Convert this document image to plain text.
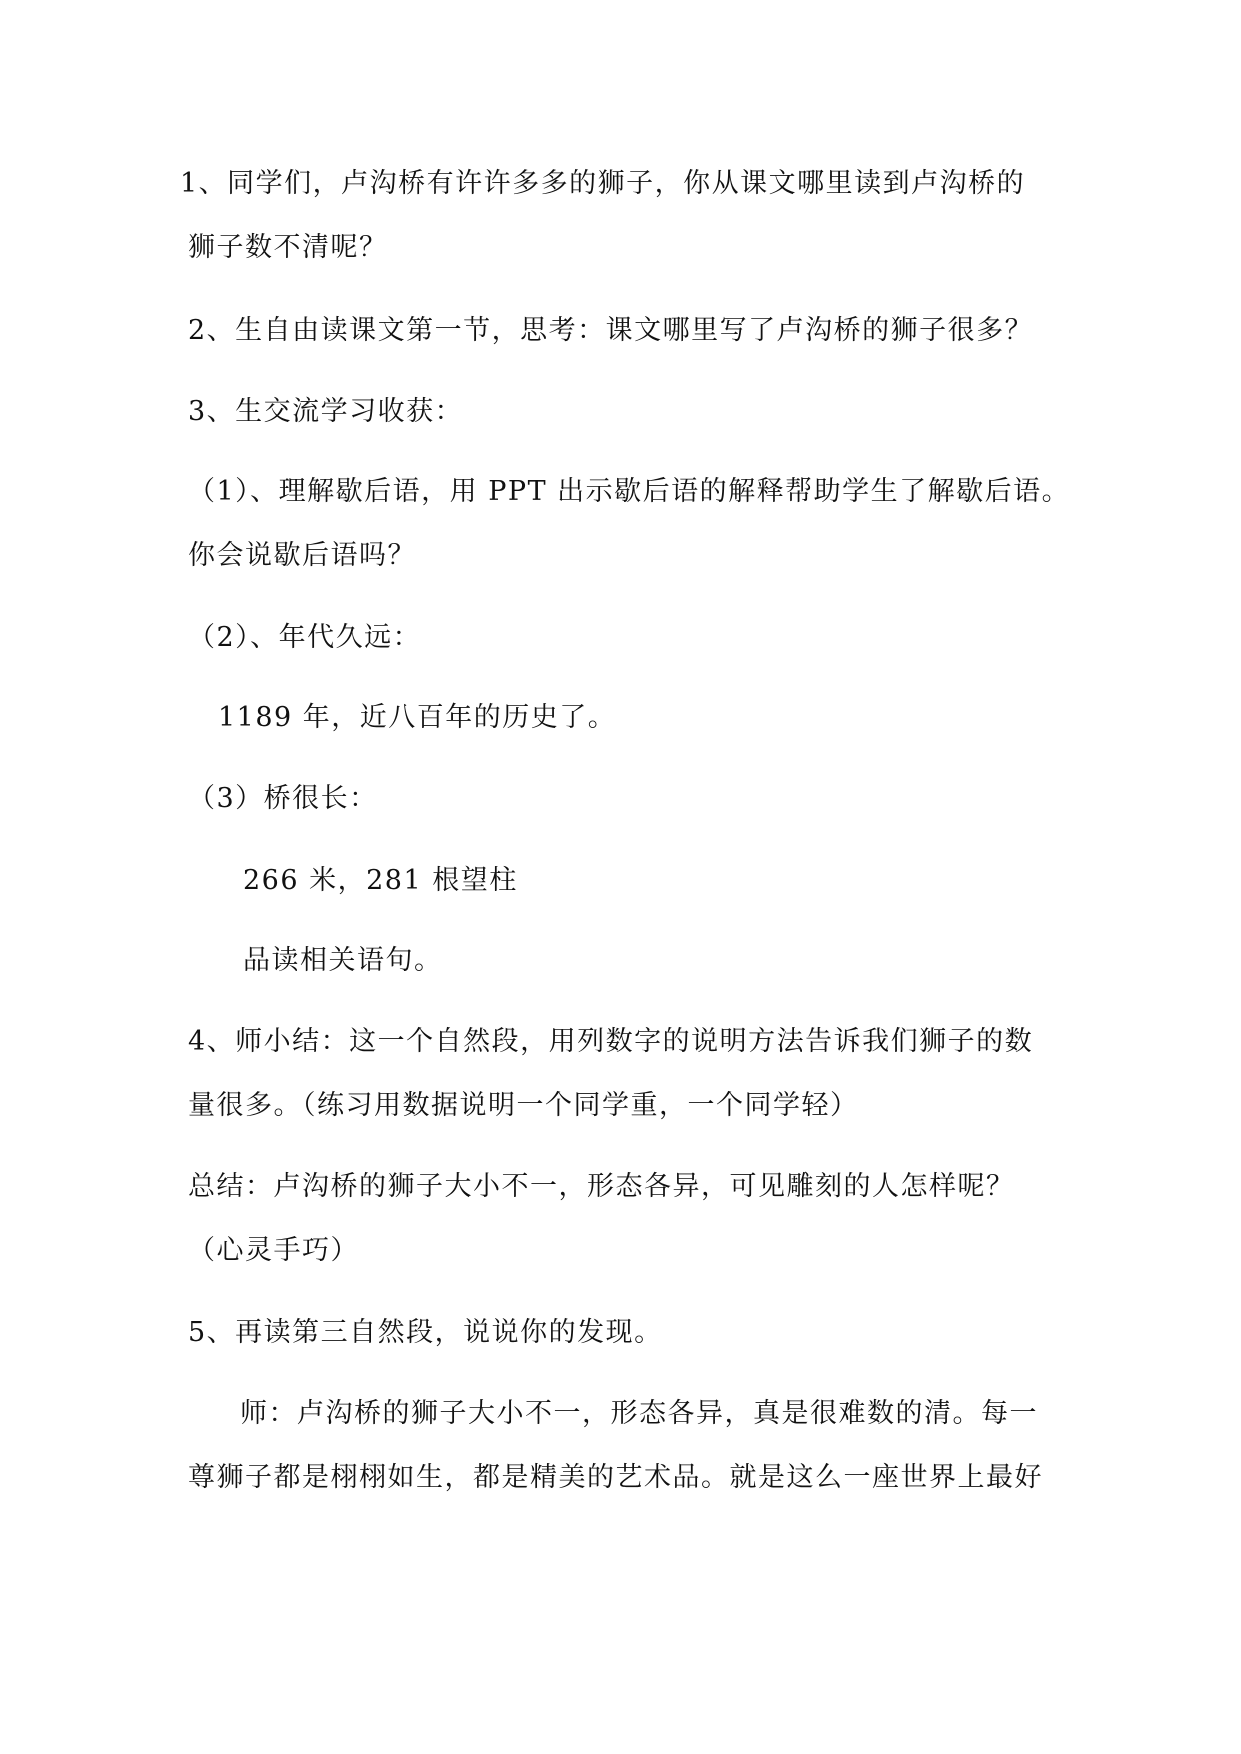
1、同学们，卢沟桥有许许多多的狮子，你从课文哪里读到卢沟桥的
狮子数不清呢？
2、生自由读课文第一节，思考：课文哪里写了卢沟桥的狮子很多？
3、生交流学习收获：
（1）、理解歇后语，用 PPT 出示歇后语的解释帮助学生了解歇后语。
你会说歇后语吗？
（2）、年代久远：
1189 年，近八百年的历史了。
（3）桥很长：
266 米，281 根望柱
品读相关语句。
4、师小结：这一个自然段，用列数字的说明方法告诉我们狮子的数
量很多。（练习用数据说明一个同学重，一个同学轻）
总结：卢沟桥的狮子大小不一，形态各异，可见雕刻的人怎样呢？
（心灵手巧）
5、再读第三自然段，说说你的发现。
师：卢沟桥的狮子大小不一，形态各异，真是很难数的清。每一
尊狮子都是栩栩如生，都是精美的艺术品。就是这么一座世界上最好
